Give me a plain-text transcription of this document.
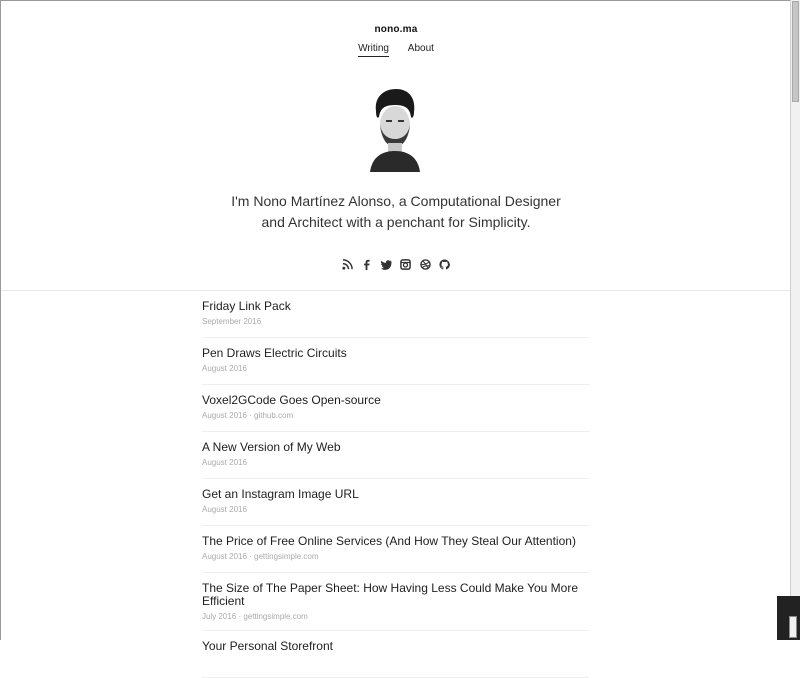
nono.ma
Writing About
I'm Nono Martínez Alonso, a Computational Designer
and Architect with a penchant for Simplicity.

Friday Link Pack
September 2016
Pen Draws Electric Circuits
August 2016
Voxel2GCode Goes Open-source
August 2016 · github.com
A New Version of My Web
August 2016
Get an Instagram Image URL
August 2016
The Price of Free Online Services (And How They Steal Our Attention)
August 2016 · gettingsimple.com
The Size of The Paper Sheet: How Having Less Could Make You More Efficient
July 2016 · gettingsimple.com
Your Personal Storefront
